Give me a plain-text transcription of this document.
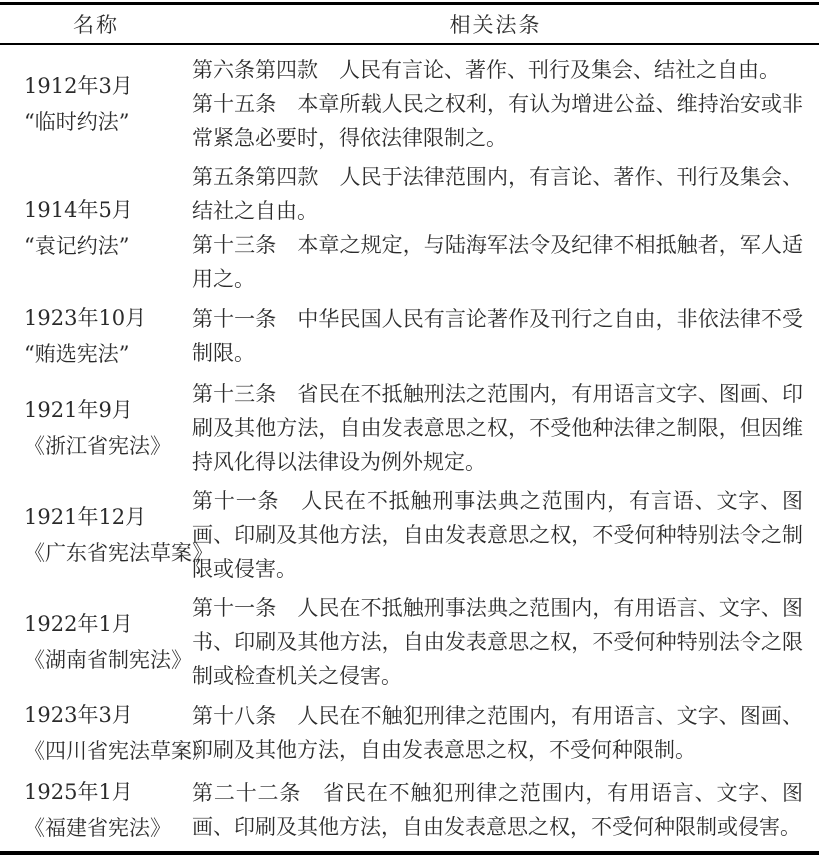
名称	相关法条
1912年3月
“临时约法”

第六条第四款　人民有言论、著作、刊行及集会、结社之自由。

第十五条　本章所载人民之权利，有认为增进公益、维持治安或非常紧急必要时，得依法律限制之。

1914年5月
“袁记约法”

第五条第四款　人民于法律范围内，有言论、著作、刊行及集会、结社之自由。

第十三条　本章之规定，与陆海军法令及纪律不相抵触者，军人适用之。

1923年10月
“贿选宪法”

第十一条　中华民国人民有言论著作及刊行之自由，非依法律不受制限。

1921年9月
《浙江省宪法》

第十三条　省民在不抵触刑法之范围内，有用语言文字、图画、印刷及其他方法，自由发表意思之权，不受他种法律之制限，但因维持风化得以法律设为例外规定。

1921年12月
《广东省宪法草案》

第十一条　人民在不抵触刑事法典之范围内，有言语、文字、图画、印刷及其他方法，自由发表意思之权，不受何种特别法令之制限或侵害。

1922年1月
《湖南省制宪法》

第十一条　人民在不抵触刑事法典之范围内，有用语言、文字、图书、印刷及其他方法，自由发表意思之权，不受何种特别法令之限制或检查机关之侵害。

1923年3月
《四川省宪法草案》

第十八条　人民在不触犯刑律之范围内，有用语言、文字、图画、印刷及其他方法，自由发表意思之权，不受何种限制。

1925年1月
《福建省宪法》

第二十二条　省民在不触犯刑律之范围内，有用语言、文字、图画、印刷及其他方法，自由发表意思之权，不受何种限制或侵害。
